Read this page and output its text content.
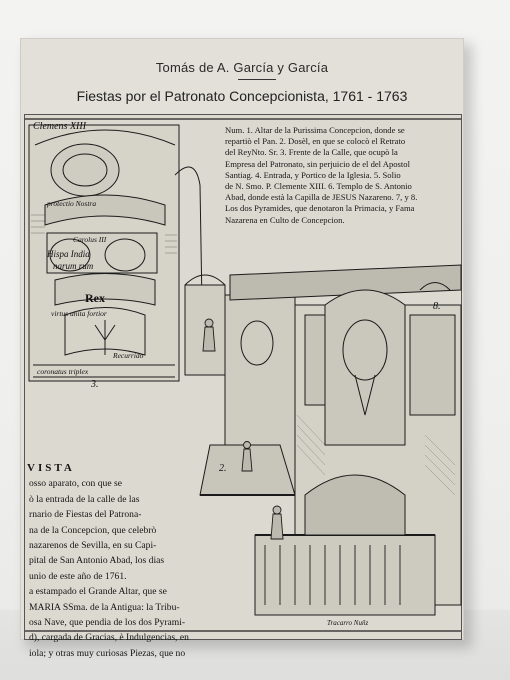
Tomás de A. García y García
Fiestas por el Patronato Concepcionista, 1761 - 1763
Clemens XIII
protectio Nostra
Carolus III
Hispa India
narum rum
Rex
virtus unita fortior
Recurrido
coronatus triplex
3.
2.
8.
Tracarro Nuñz
Num. 1. Altar de la Purissima Concepcion, donde se
repartiò el Pan. 2. Dosèl, en que se colocò el Retrato
del ReyNto. Sr. 3. Frente de la Calle, que ocupò la
Empresa del Patronato, sin perjuicio de el del Apostol
Santiag. 4. Entrada, y Portico de la Iglesia. 5. Solio
de N. Smo. P. Clemente XIII. 6. Templo de S. Antonio
Abad, donde està la Capilla de JESUS Nazareno. 7, y 8.
Los dos Pyramides, que denotaron la Primacia, y Fama
Nazarena en Culto de Concepcion.
VISTA
osso aparato, con que se
ò la entrada de la calle de las
rnario de Fiestas del Patrona-
na de la Concepcion, que celebrò
nazarenos de Sevilla, en su Capi-
pital de San Antonio Abad, los dias
unio de este año de 1761.
a estampado el Grande Altar, que se
MARIA SSma. de la Antigua: la Tribu-
osa Nave, que pendia de los dos Pyrami-
d), cargada de Gracias, è Indulgencias, en
iola; y otras muy curiosas Piezas, que no
